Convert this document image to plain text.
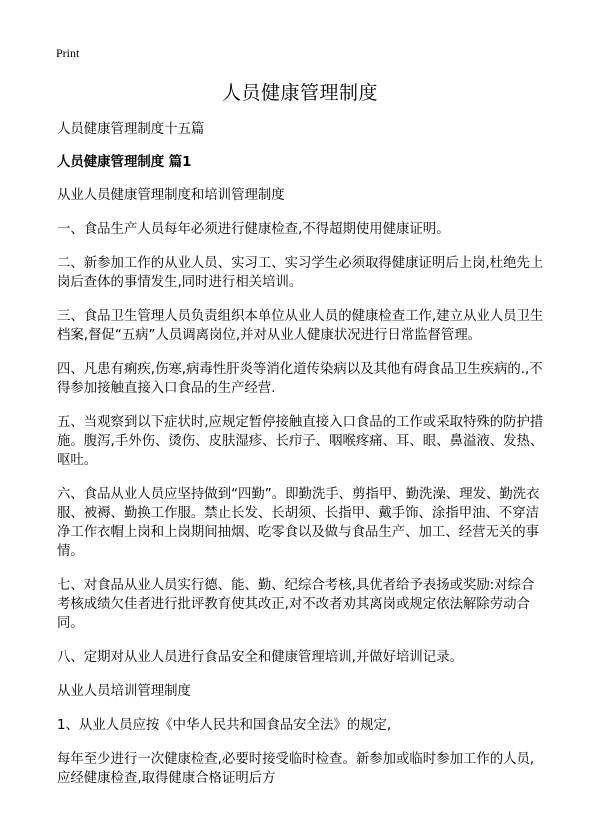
Print
人员健康管理制度

人员健康管理制度十五篇

人员健康管理制度 篇1

从业人员健康管理制度和培训管理制度

一、食品生产人员每年必须进行健康检查,不得超期使用健康证明。

二、新参加工作的从业人员、实习工、实习学生必须取得健康证明后上岗,杜绝先上岗后查体的事情发生,同时进行相关培训。

三、食品卫生管理人员负责组织本单位从业人员的健康检查工作,建立从业人员卫生档案,督促“五病”人员调离岗位,并对从业人健康状况进行日常监督管理。

四、凡患有痢疾,伤寒,病毒性肝炎等消化道传染病以及其他有碍食品卫生疾病的.,不得参加接触直接入口食品的生产经营.

五、当观察到以下症状时,应规定暂停接触直接入口食品的工作或采取特殊的防护措施。腹泻,手外伤、烫伤、皮肤湿疹、长疖子、咽喉疼痛、耳、眼、鼻溢液、发热、呕吐。

六、食品从业人员应坚持做到“四勤”。即勤洗手、剪指甲、勤洗澡、理发、勤洗衣服、被褥、勤换工作服。禁止长发、长胡须、长指甲、戴手饰、涂指甲油、不穿洁净工作衣帽上岗和上岗期间抽烟、吃零食以及做与食品生产、加工、经营无关的事情。

七、对食品从业人员实行德、能、勤、纪综合考核,具优者给予表扬或奖励:对综合考核成绩欠佳者进行批评教育使其改正,对不改者劝其离岗或规定依法解除劳动合同。

八、定期对从业人员进行食品安全和健康管理培训,并做好培训记录。

从业人员培训管理制度

1、从业人员应按《中华人民共和国食品安全法》的规定,

每年至少进行一次健康检查,必要时接受临时检查。新参加或临时参加工作的人员,应经健康检查,取得健康合格证明后方
